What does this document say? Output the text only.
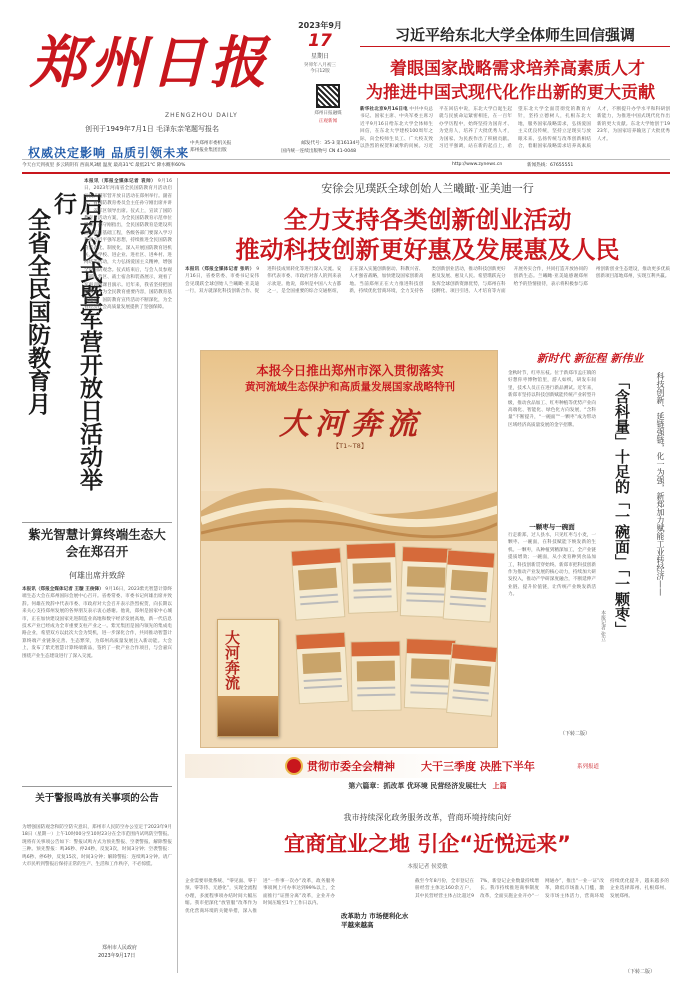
郑州日报
ZHENGZHOU DAILY
创刊于1949年7月1日 毛泽东亲笔题写报名
权威决定影响 品质引领未来
中共郑州市委机关报
郑州报业集团出版	国内统一连续出版物号 CN 41-0048
邮发代号：35-3 第16134号
2023年9月
17
星期日
癸卯年八月初三
今日12版
郑州日报融媒
正观新闻
今天白天到夜里 多云转阴有 西南风3级 温度 最高31℃ 最低21℃ 降水概率60%	http://www.zynews.cn	新闻热线：67655551
习近平给东北大学全体师生回信强调
着眼国家战略需求培养高素质人才
为推进中国式现代化作出新的更大贡献
新华社北京9月16日电 中共中央总书记、国家主席、中央军委主席习近平9月16日给东北大学全体师生回信，在东北大学建校100周年之际，向全校师生员工、广大校友致以热烈的祝贺和诚挚的问候。习近平在回信中说，东北大学自诞生起就与民族命运紧密相连，在一百年办学历程中，始终坚持为国育才、为党育人，培养了大批优秀人才，为国家、为民族作出了积极贡献。习近平强调，站在新的起点上，希望东北大学全面贯彻党的教育方针，坚持立德树人，扎根东北大地，服务国家战略需求，弘扬爱国主义优良传统，坚持立足现实与放眼未来、弘扬传统与改革创新相结合，着眼国家战略需求培养高素质人才，不断提升办学水平和科研创新能力，为推进中国式现代化作出新的更大贡献。东北大学始创于1923年，为国家培养输送了大批优秀人才。
全省全民国防教育月	启动仪式暨军营开放日活动举行
本报讯（郑报全媒体记者 袁帅） 9月16日，2023年河南省全民国防教育月活动启动仪式暨军营开放日活动在郑州举行。副省长、省国防教育委员会主任孙守刚出席并讲话，省军区领导出席。仪式上，宣读了国防教育月活动方案，为全民国防教育示范单位授牌。孙守刚指出，全民国防教育是建设巩固国防的基础工程，各级各部门要深入学习贯彻习近平强军思想，持续推进全民国防教育常态化、制度化，深入开展国防教育进机关、进学校、进企业、进社区、进乡村、进网络等活动，大力弘扬爱国主义精神，增强全民国防观念。仪式结束后，与会人员参观了部队营区、战士宿舍和装备展示，观看了军事训练课目演示。近年来，我省坚持把国防教育作为全民教育重要内容，国防教育基地建设、国防教育宣传活动不断深化，为全省经济社会高质量发展提供了坚强保障。
紫光智慧计算终端生态大会在郑召开
何雄出席并致辞
本报讯（郑报全媒体记者 王璇 王俊锋） 9月16日，2023紫光智慧计算终端生态大会在郑州国际会展中心召开。省委常委、市委书记何雄出席并致辞。何雄在致辞中代表市委、市政府对大会召开表示热烈祝贺，向长期以来关心支持郑州发展的各界朋友表示衷心感谢。他说，郑州是国家中心城市，正在加快建设国家先进制造业高地和数字经济发展高地，新一代信息技术产业已经成为全市重要支柱产业之一。紫光集团是国内领先的集成电路企业，希望双方以此次大会为契机，进一步深化合作，共同推动智慧计算终端产业链条完善、生态繁荣，为郑州高质量发展注入新动能。大会上，发布了紫光智慧计算终端新品，签约了一批产业合作项目，与会嘉宾围绕产业生态建设进行了深入交流。
关于警报鸣放有关事项的公告
为增强国防观念和防空防灾意识，郑州市人民防空办公室定于2023年9月18日（星期一）上午10时00分至10时23分在全市范围内试鸣防空警报。现将有关事项公告如下：警报试鸣方式为预先警报、空袭警报、解除警报三种。预先警报：鸣36秒、停24秒，反复3次，时间3分钟；空袭警报：鸣6秒、停6秒，反复15次，时间3分钟；解除警报：连续鸣3分钟。请广大市民听到警报后保持正常的生产、生活和工作秩序，不必惊慌。
郑州市人民政府
2023年9月17日
安徐会见璞跃全球创始人兰曦瞰·亚美迪一行
全力支持各类创新创业活动
推动科技创新更好惠及发展惠及人民
本报讯（郑报全媒体记者 张昕） 9月16日，省委常委、市委书记安伟会见璞跃全球创始人兰曦瞰·亚美迪一行，双方就深化科技创新合作、促进科技成果转化等进行深入交流。安伟代表市委、市政府对客人的到来表示欢迎。他说，郑州是中国八大古都之一，是全国重要的综合交通枢纽，正在深入实施创新驱动、科教兴省、人才强省战略，加快建设国家创新高地。当前郑州正在大力推进科技创新，持续优化营商环境，全力支持各类创新创业活动，推动科技创新更好惠及发展、惠及人民。希望璞跃充分发挥全球创新资源优势，与郑州在科技孵化、项目引进、人才培育等方面开展务实合作，共同打造开放协同的创新生态。兰曦瞰·亚美迪感谢郑州给予的热情接待，表示将积极参与郑州创新创业生态建设，推动更多优质创新项目落地郑州，实现互利共赢。
本报今日推出郑州市深入贯彻落实
黄河流域生态保护和高质量发展国家战略特刊
大河奔流
【T1~T8】
大河奔流
新时代 新征程 新伟业
「含科量」十足的「一碗面」「一颗枣」	科技创新、延链强链，化一为强，新郑加力赋能工业转经济——
本报记者 张立
金秋时节，红枣压枝。位于新郑市孟庄镇的好想你枣博物馆里，游人如织，研发车间里，技术人员正在进行新品测试。近年来，新郑市坚持以科技创新赋能传统产业转型升级，推动食品加工、红枣种植等优势产业向高端化、智能化、绿色化方向发展，“含科量”不断提升，“一碗面”“一颗枣”成为带动区域经济高质量发展的金字招牌。
一颗枣与一碗面
行走新郑，过人县水，只见红枣与小麦，一颗枣、一碗面，在科技赋能下焕发新的生机。一颗枣，从种植到精深加工，全产业链提质增效；一碗面，从小麦育种到食品加工，科技创新贯穿始终。新郑市把科技创新作为推动产业发展的核心动力，持续加大研发投入，推动产学研深度融合，不断延伸产业链、提升价值链，让传统产业焕发新活力。
（下转二版）
贯彻市委全会精神 大干三季度 决胜下半年	系列报道
第六篇章：抓改革 优环境 民营经济发展壮大 上篇
我市持续深化政务服务改革，营商环境持续向好
宜商宜业之地 引企“近悦远来”
本报记者 侯爱敏
企业需要审批系统、“零见面、零干预、零等待、无感化”，实现全流程办理，多流程事项办结时间大幅压缩。我市把深化“放管服”改革作为优化营商环境的关键举措，深入推进“一件事一次办”改革，政务服务事项网上可办率达到99%以上，全面推行“证照分离”改革，企业开办时间压缩至1个工作日以内。
改革助力 市场便利化水平越来越高
截至今年8月份，全市登记在册经营主体达160余万户，其中民营经营主体占比超过97%，新登记企业数量持续增长。我市持续推进商事制度改革，全面实施企业开办“一网通办”，推出“一业一证”改革，降低市场准入门槛，激发市场主体活力，营商环境持续优化提升，越来越多的企业选择郑州、扎根郑州、发展郑州。
（下转二版）
